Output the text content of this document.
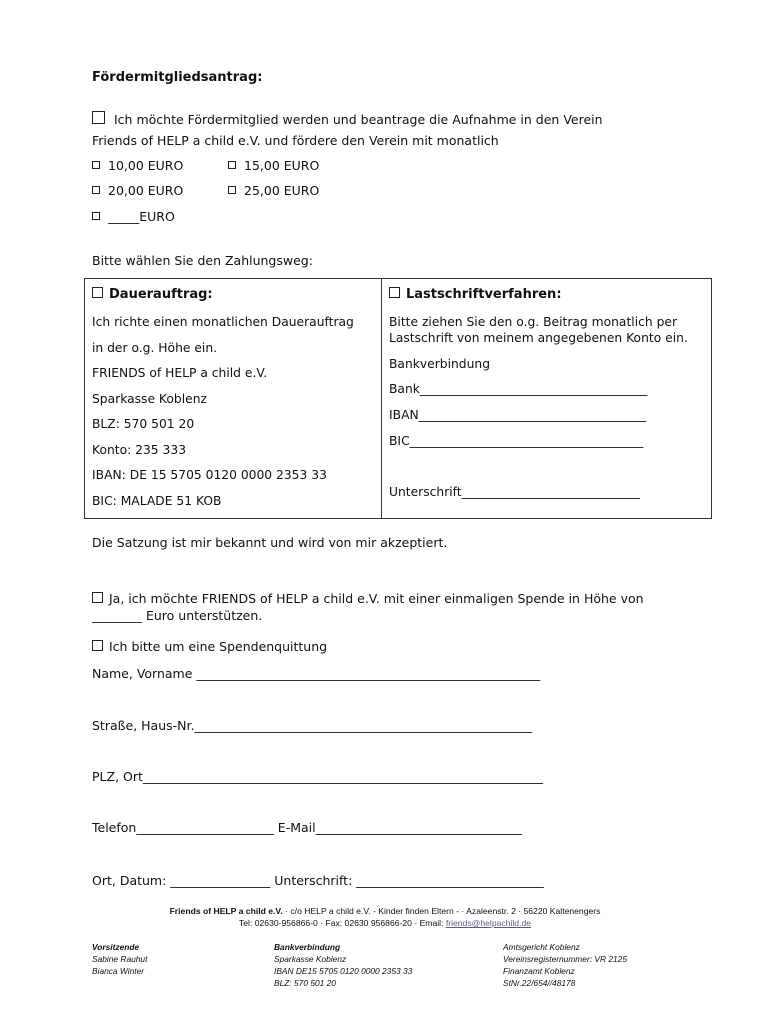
Fördermitgliedsantrag:
Ich möchte Fördermitglied werden und beantrage die Aufnahme in den Verein
Friends of HELP a child e.V. und fördere den Verein mit monatlich
10,00 EURO	15,00 EURO
20,00 EURO	25,00 EURO
_____EURO
Bitte wählen Sie den Zahlungsweg:
Dauerauftrag:
Ich richte einen monatlichen Dauerauftrag
in der o.g. Höhe ein.
FRIENDS of HELP a child e.V.
Sparkasse Koblenz
BLZ: 570 501 20
Konto: 235 333
IBAN: DE 15 5705 0120 0000 2353 33
BIC: MALADE 51 KOB
Lastschriftverfahren:
Bitte ziehen Sie den o.g. Beitrag monatlich per
Lastschrift von meinem angegebenen Konto ein.
Bankverbindung
Bank_____________________________________
IBAN_____________________________________
BIC______________________________________
Unterschrift_____________________________
Die Satzung ist mir bekannt und wird von mir akzeptiert.
Ja, ich möchte FRIENDS of HELP a child e.V. mit einer einmaligen Spende in Höhe von
________ Euro unterstützen.
Ich bitte um eine Spendenquittung
Name, Vorname _______________________________________________________
Straße, Haus-Nr.______________________________________________________
PLZ, Ort________________________________________________________________
Telefon______________________ E-Mail_________________________________
Ort, Datum: ________________ Unterschrift: ______________________________
Friends of HELP a child e.V. · c/o HELP a child e.V. - Kinder finden Eltern - · Azaleenstr. 2 · 56220 Kaltenengers
Tel: 02630-956866-0 · Fax: 02630 956866-20 · Email: friends@helpachild.de
Vorsitzende
Sabine Rauhut
Bianca Winter
Bankverbindung
Sparkasse Koblenz
IBAN DE15 5705 0120 0000 2353 33
BLZ: 570 501 20
Amtsgericht Koblenz
Vereinsregisternummer: VR 2125
Finanzamt Koblenz
StNr.22/654//48178
